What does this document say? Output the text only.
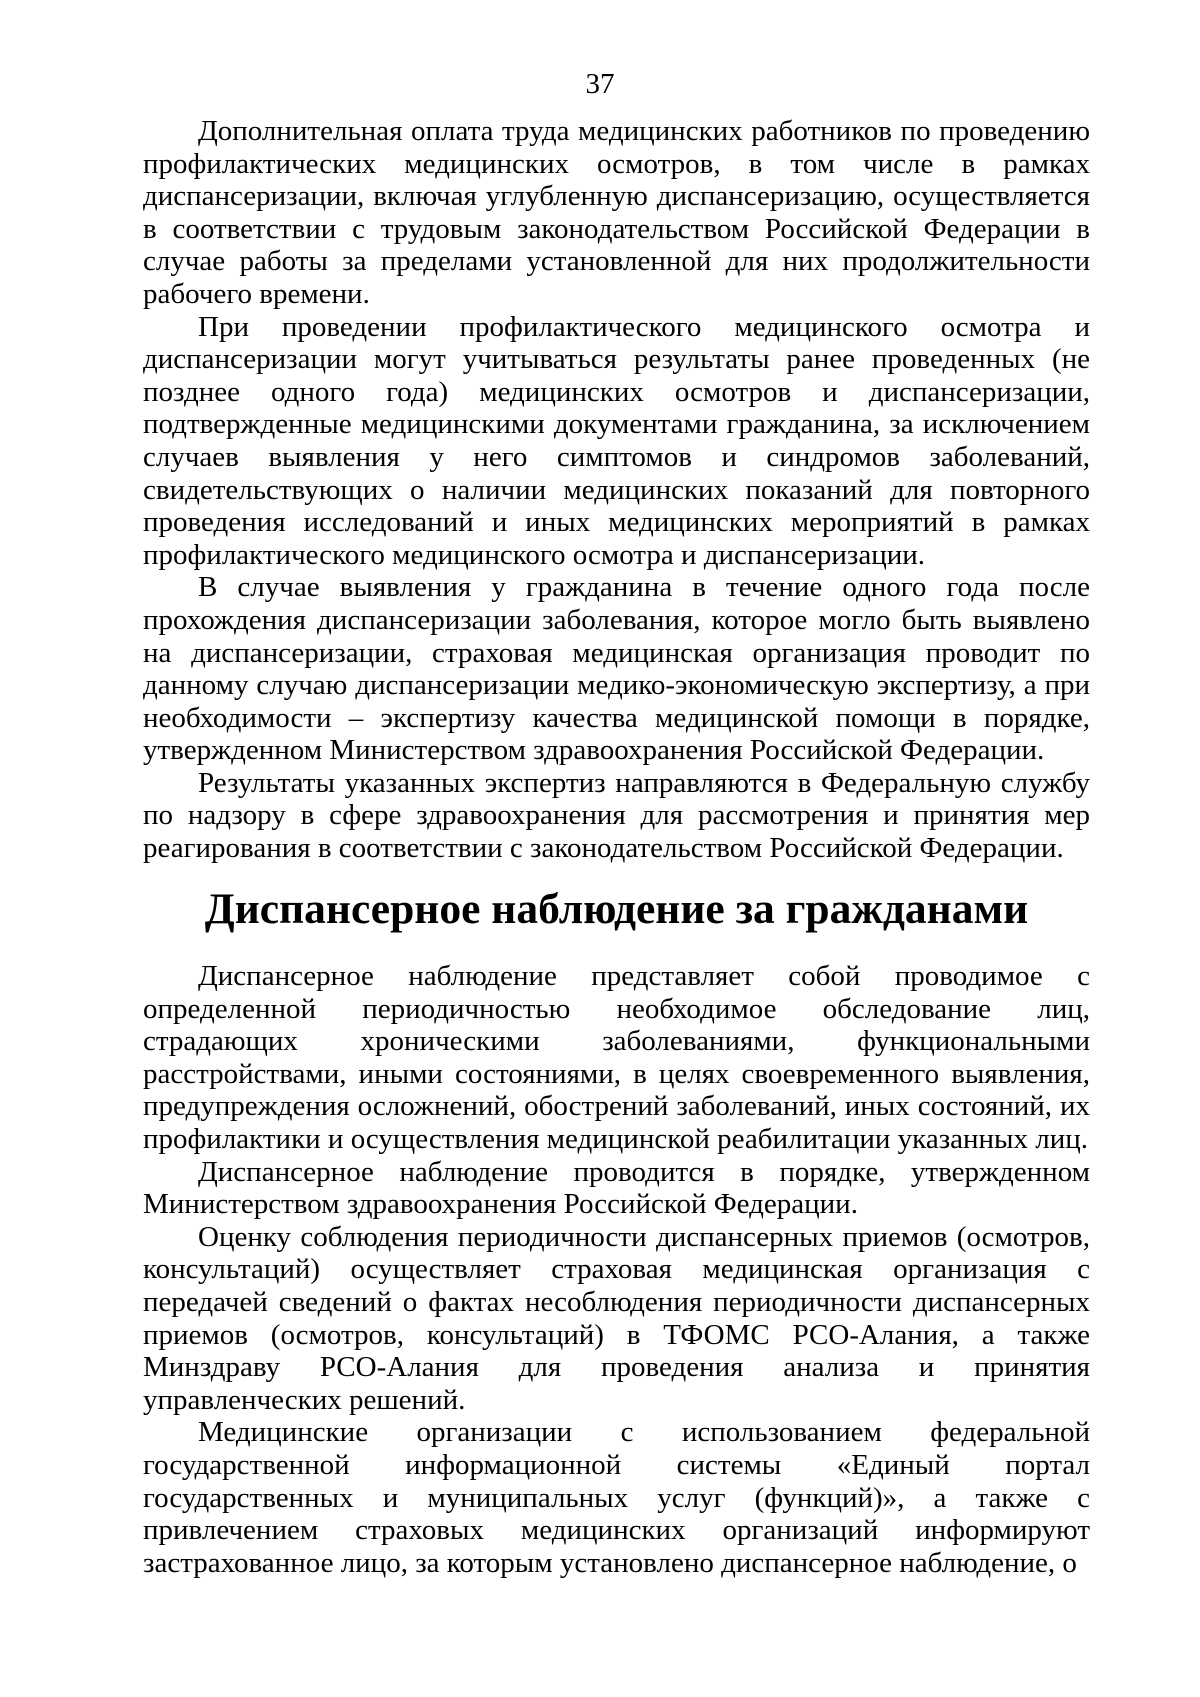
37

Дополнительная оплата труда медицинских работников по проведению профилактических медицинских осмотров, в том числе в рамках диспансеризации, включая углубленную диспансеризацию, осуществляется в соответствии с трудовым законодательством Российской Федерации в случае работы за пределами установленной для них продолжительности рабочего времени.

При проведении профилактического медицинского осмотра и диспансеризации могут учитываться результаты ранее проведенных (не позднее одного года) медицинских осмотров и диспансеризации, подтвержденные медицинскими документами гражданина, за исключением случаев выявления у него симптомов и синдромов заболеваний, свидетельствующих о наличии медицинских показаний для повторного проведения исследований и иных медицинских мероприятий в рамках профилактического медицинского осмотра и диспансеризации.

В случае выявления у гражданина в течение одного года после прохождения диспансеризации заболевания, которое могло быть выявлено на диспансеризации, страховая медицинская организация проводит по данному случаю диспансеризации медико-экономическую экспертизу, а при необходимости – экспертизу качества медицинской помощи в порядке, утвержденном Министерством здравоохранения Российской Федерации.

Результаты указанных экспертиз направляются в Федеральную службу по надзору в сфере здравоохранения для рассмотрения и принятия мер реагирования в соответствии с законодательством Российской Федерации.

Диспансерное наблюдение за гражданами

Диспансерное наблюдение представляет собой проводимое с определенной периодичностью необходимое обследование лиц, страдающих хроническими заболеваниями, функциональными расстройствами, иными состояниями, в целях своевременного выявления, предупреждения осложнений, обострений заболеваний, иных состояний, их профилактики и осуществления медицинской реабилитации указанных лиц.

Диспансерное наблюдение проводится в порядке, утвержденном Министерством здравоохранения Российской Федерации.

Оценку соблюдения периодичности диспансерных приемов (осмотров, консультаций) осуществляет страховая медицинская организация с передачей сведений о фактах несоблюдения периодичности диспансерных приемов (осмотров, консультаций) в ТФОМС РСО-Алания, а также Минздраву РСО-Алания для проведения анализа и принятия управленческих решений.

Медицинские организации с использованием федеральной государственной информационной системы «Единый портал государственных и муниципальных услуг (функций)», а также с привлечением страховых медицинских организаций информируют застрахованное лицо, за которым установлено диспансерное наблюдение, о
